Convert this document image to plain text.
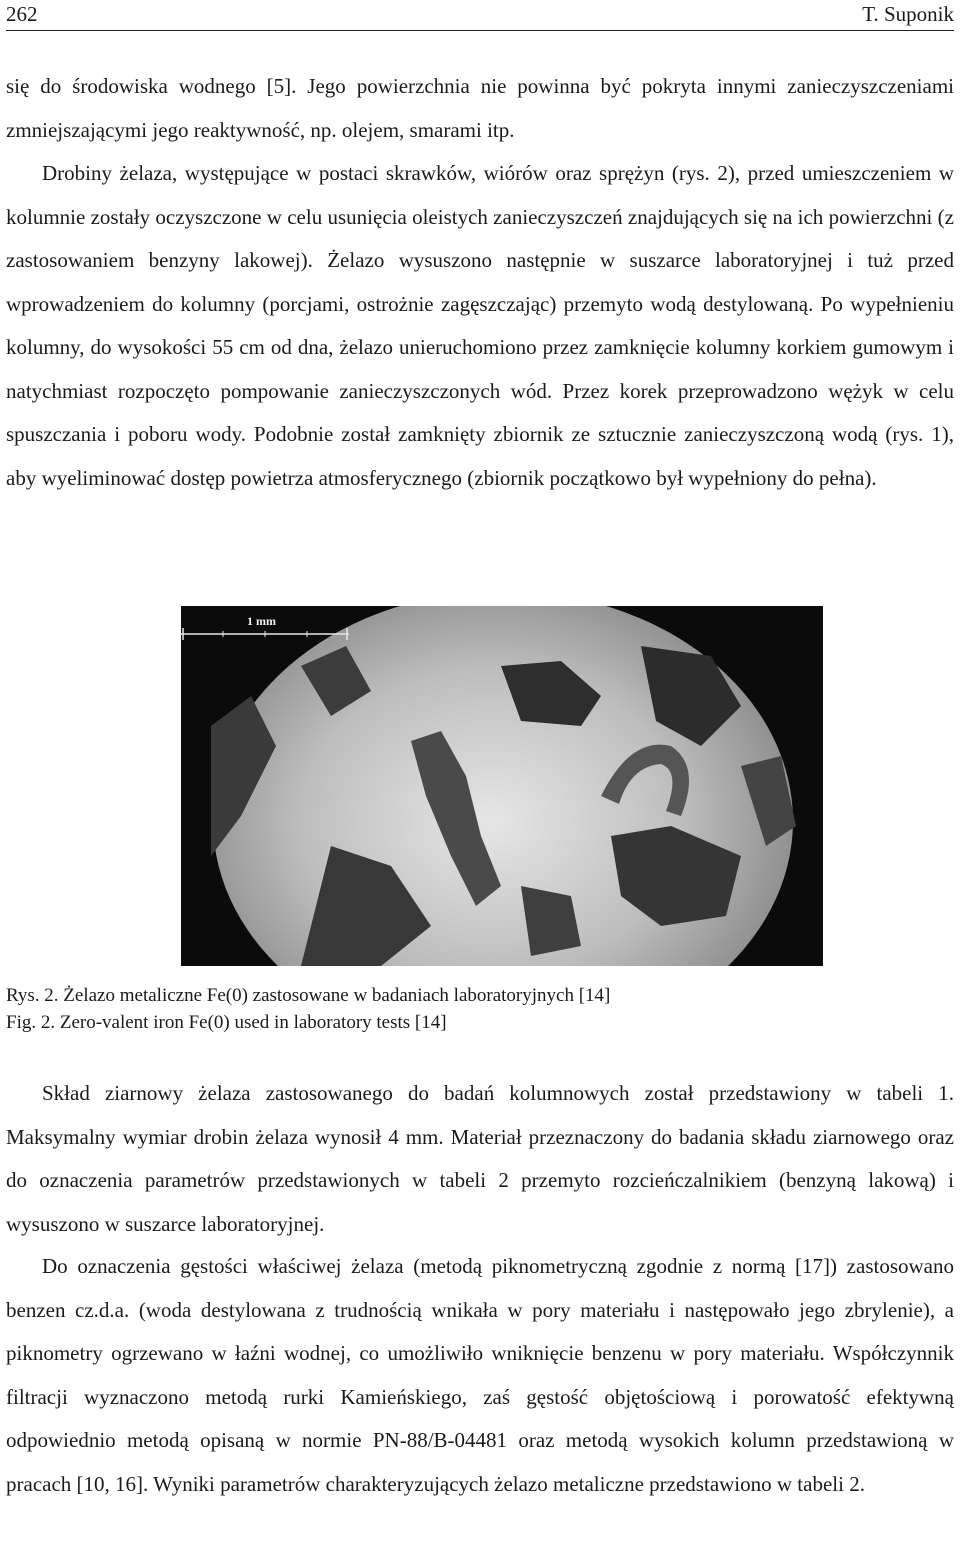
262	T. Suponik

się do środowiska wodnego [5]. Jego powierzchnia nie powinna być pokryta innymi zanieczyszczeniami zmniejszającymi jego reaktywność, np. olejem, smarami itp.

Drobiny żelaza, występujące w postaci skrawków, wiórów oraz sprężyn (rys. 2), przed umieszczeniem w kolumnie zostały oczyszczone w celu usunięcia oleistych zanieczyszczeń znajdujących się na ich powierzchni (z zastosowaniem benzyny lakowej). Żelazo wysuszono następnie w suszarce laboratoryjnej i tuż przed wprowadzeniem do kolumny (porcjami, ostrożnie zagęszczając) przemyto wodą destylowaną. Po wypełnieniu kolumny, do wysokości 55 cm od dna, żelazo unieruchomiono przez zamknięcie kolumny korkiem gumowym i natychmiast rozpoczęto pompowanie zanieczyszczonych wód. Przez korek przeprowadzono wężyk w celu spuszczania i poboru wody. Podobnie został zamknięty zbiornik ze sztucznie zanieczyszczoną wodą (rys. 1), aby wyeliminować dostęp powietrza atmosferycznego (zbiornik początkowo był wypełniony do pełna).

1 mm
Rys. 2. Żelazo metaliczne Fe(0) zastosowane w badaniach laboratoryjnych [14]
Fig. 2. Zero-valent iron Fe(0) used in laboratory tests [14]

Skład ziarnowy żelaza zastosowanego do badań kolumnowych został przedstawiony w tabeli 1. Maksymalny wymiar drobin żelaza wynosił 4 mm. Materiał przeznaczony do badania składu ziarnowego oraz do oznaczenia parametrów przedstawionych w tabeli 2 przemyto rozcieńczalnikiem (benzyną lakową) i wysuszono w suszarce laboratoryjnej.

Do oznaczenia gęstości właściwej żelaza (metodą piknometryczną zgodnie z normą [17]) zastosowano benzen cz.d.a. (woda destylowana z trudnością wnikała w pory materiału i następowało jego zbrylenie), a piknometry ogrzewano w łaźni wodnej, co umożliwiło wniknięcie benzenu w pory materiału. Współczynnik filtracji wyznaczono metodą rurki Kamieńskiego, zaś gęstość objętościową i porowatość efektywną odpowiednio metodą opisaną w normie PN-88/B-04481 oraz metodą wysokich kolumn przedstawioną w pracach [10, 16]. Wyniki parametrów charakteryzujących żelazo metaliczne przedstawiono w tabeli 2.
